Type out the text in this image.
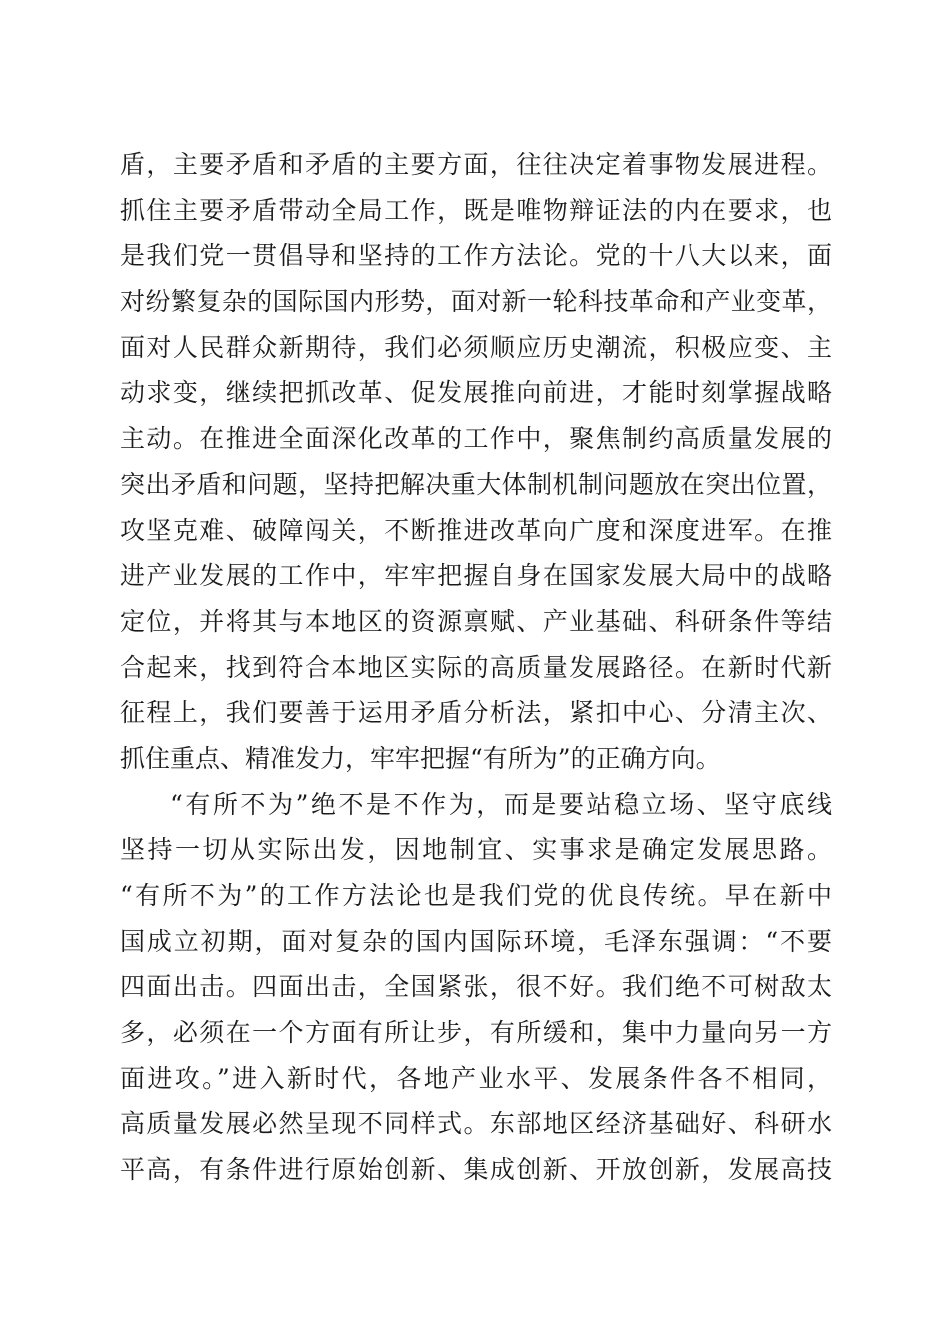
盾，主要矛盾和矛盾的主要方面，往往决定着事物发展进程。
抓住主要矛盾带动全局工作，既是唯物辩证法的内在要求，也
是我们党一贯倡导和坚持的工作方法论。党的十八大以来，面
对纷繁复杂的国际国内形势，面对新一轮科技革命和产业变革，
面对人民群众新期待，我们必须顺应历史潮流，积极应变、主
动求变，继续把抓改革、促发展推向前进，才能时刻掌握战略
主动。在推进全面深化改革的工作中，聚焦制约高质量发展的
突出矛盾和问题，坚持把解决重大体制机制问题放在突出位置，
攻坚克难、破障闯关，不断推进改革向广度和深度进军。在推
进产业发展的工作中，牢牢把握自身在国家发展大局中的战略
定位，并将其与本地区的资源禀赋、产业基础、科研条件等结
合起来，找到符合本地区实际的高质量发展路径。在新时代新
征程上，我们要善于运用矛盾分析法，紧扣中心、分清主次、
抓住重点、精准发力，牢牢把握“有所为”的正确方向。
“有所不为”绝不是不作为，而是要站稳立场、坚守底线
坚持一切从实际出发，因地制宜、实事求是确定发展思路。
“有所不为”的工作方法论也是我们党的优良传统。早在新中
国成立初期，面对复杂的国内国际环境，毛泽东强调：“不要
四面出击。四面出击，全国紧张，很不好。我们绝不可树敌太
多，必须在一个方面有所让步，有所缓和，集中力量向另一方
面进攻。”进入新时代，各地产业水平、发展条件各不相同，
高质量发展必然呈现不同样式。东部地区经济基础好、科研水
平高，有条件进行原始创新、集成创新、开放创新，发展高技
